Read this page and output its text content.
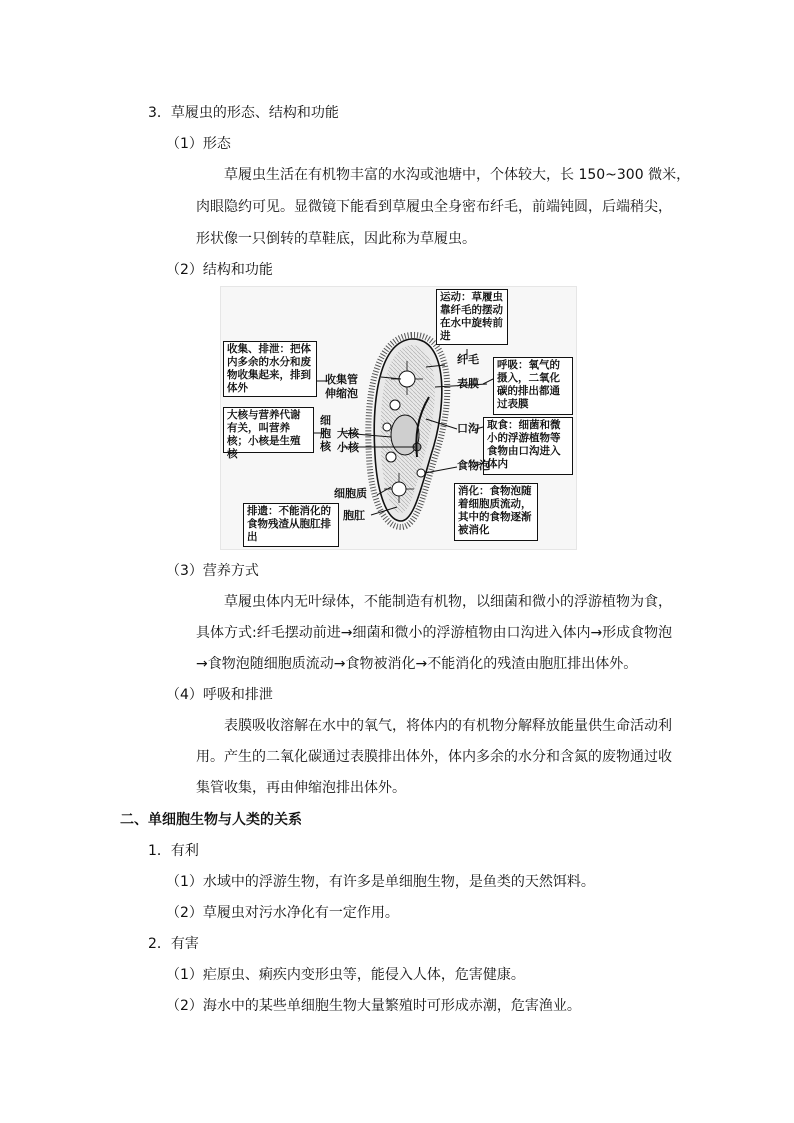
3．草履虫的形态、结构和功能
（1）形态
草履虫生活在有机物丰富的水沟或池塘中，个体较大，长 150~300 微米，
肉眼隐约可见。显微镜下能看到草履虫全身密布纤毛，前端钝圆，后端稍尖，
形状像一只倒转的草鞋底，因此称为草履虫。
（2）结构和功能
运动：草履虫靠纤毛的摆动在水中旋转前进
收集、排泄：把体内多余的水分和废物收集起来，排到体外
呼吸：氧气的摄入，二氧化碳的排出都通过表膜
大核与营养代谢有关，叫营养核；小核是生殖核
取食：细菌和微小的浮游植物等食物由口沟进入体内
消化：食物泡随着细胞质流动，其中的食物逐渐被消化
排遗：不能消化的食物残渣从胞肛排出
纤毛
表膜
收集管
伸缩泡
口沟
细胞核
大核
小核
食物泡
细胞质
胞肛
（3）营养方式
草履虫体内无叶绿体，不能制造有机物，以细菌和微小的浮游植物为食，
具体方式:纤毛摆动前进→细菌和微小的浮游植物由口沟进入体内→形成食物泡
→食物泡随细胞质流动→食物被消化→不能消化的残渣由胞肛排出体外。
（4）呼吸和排泄
表膜吸收溶解在水中的氧气，将体内的有机物分解释放能量供生命活动利
用。产生的二氧化碳通过表膜排出体外，体内多余的水分和含氮的废物通过收
集管收集，再由伸缩泡排出体外。
二、单细胞生物与人类的关系
1．有利
（1）水域中的浮游生物，有许多是单细胞生物，是鱼类的天然饵料。
（2）草履虫对污水净化有一定作用。
2．有害
（1）疟原虫、痢疾内变形虫等，能侵入人体，危害健康。
（2）海水中的某些单细胞生物大量繁殖时可形成赤潮，危害渔业。
